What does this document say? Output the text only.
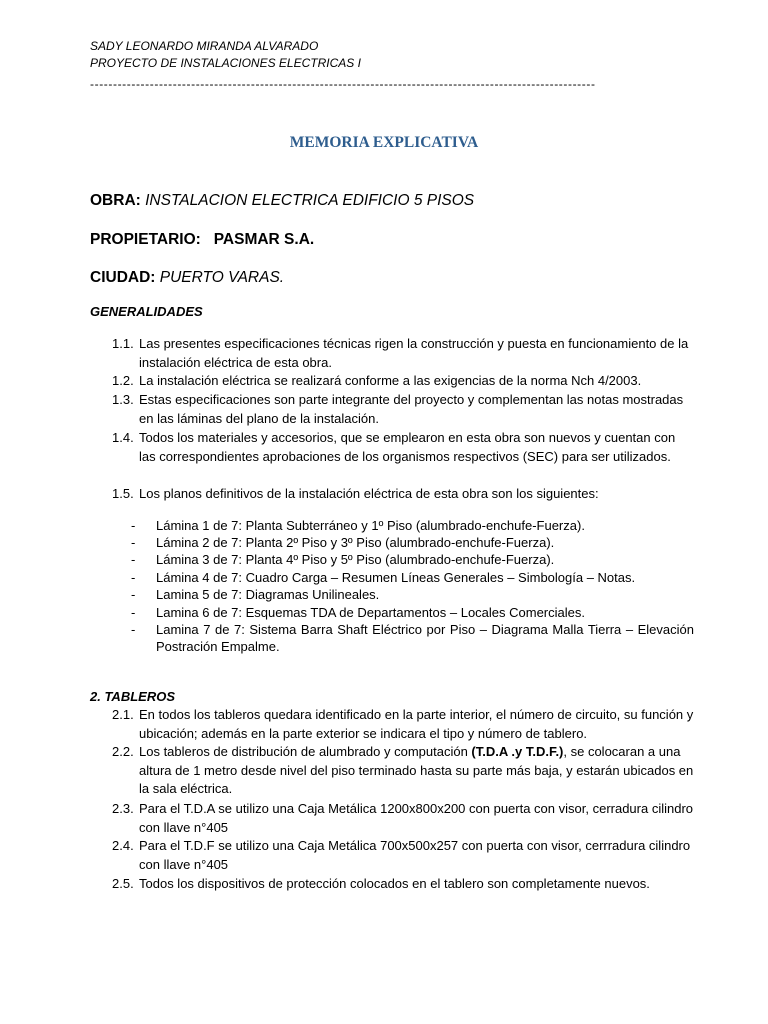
SADY LEONARDO MIRANDA ALVARADO
PROYECTO DE INSTALACIONES ELECTRICAS I
--------------------------------------------------------------------------------------------------------------
MEMORIA EXPLICATIVA
OBRA: INSTALACION ELECTRICA EDIFICIO 5 PISOS
PROPIETARIO: PASMAR S.A.
CIUDAD: PUERTO VARAS.
GENERALIDADES
1.1. Las presentes especificaciones técnicas rigen la construcción y puesta en funcionamiento de la instalación eléctrica de esta obra.
1.2. La instalación eléctrica se realizará conforme a las exigencias de la norma Nch 4/2003.
1.3. Estas especificaciones son parte integrante del proyecto y complementan las notas mostradas en las láminas del plano de la instalación.
1.4. Todos los materiales y accesorios, que se emplearon en esta obra son nuevos y cuentan con las correspondientes aprobaciones de los organismos respectivos (SEC) para ser utilizados.
1.5. Los planos definitivos de la instalación eléctrica de esta obra son los siguientes:
- Lámina 1 de 7: Planta Subterráneo y 1º Piso (alumbrado-enchufe-Fuerza).
- Lámina 2 de 7: Planta 2º Piso y 3º Piso (alumbrado-enchufe-Fuerza).
- Lámina 3 de 7: Planta 4º Piso y 5º Piso (alumbrado-enchufe-Fuerza).
- Lámina 4 de 7: Cuadro Carga – Resumen Líneas Generales – Simbología – Notas.
- Lamina 5 de 7: Diagramas Unilineales.
- Lamina 6 de 7: Esquemas TDA de Departamentos – Locales Comerciales.
- Lamina 7 de 7: Sistema Barra Shaft Eléctrico por Piso – Diagrama Malla Tierra – Elevación Postración Empalme.
2. TABLEROS
2.1. En todos los tableros quedara identificado en la parte interior, el número de circuito, su función y ubicación; además en la parte exterior se indicara el tipo y número de tablero.
2.2. Los tableros de distribución de alumbrado y computación (T.D.A .y T.D.F.), se colocaran a una altura de 1 metro desde nivel del piso terminado hasta su parte más baja, y estarán ubicados en la sala eléctrica.
2.3. Para el T.D.A se utilizo una Caja Metálica 1200x800x200 con puerta con visor, cerradura cilindro con llave n°405
2.4. Para el T.D.F se utilizo una Caja Metálica 700x500x257 con puerta con visor, cerrradura cilindro con llave n°405
2.5. Todos los dispositivos de protección colocados en el tablero son completamente nuevos.
